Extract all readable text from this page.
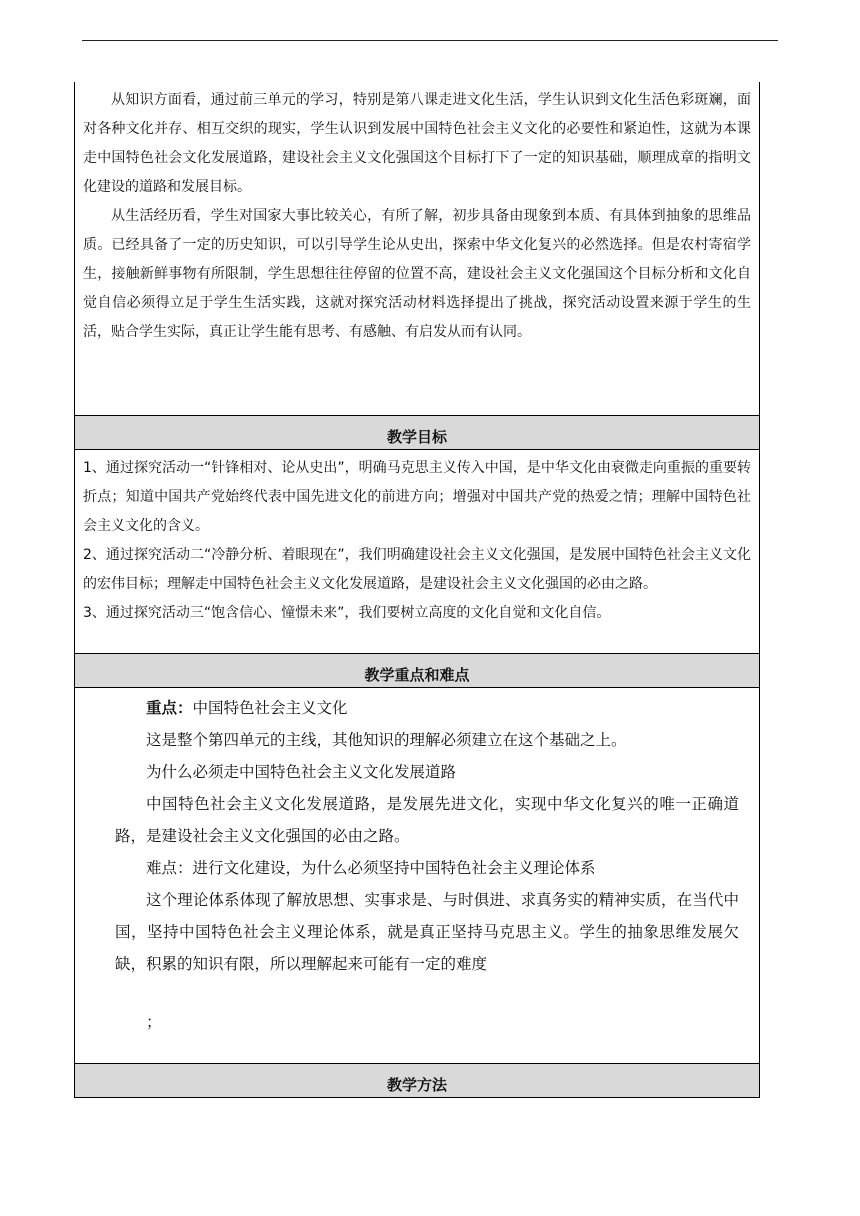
从知识方面看，通过前三单元的学习，特别是第八课走进文化生活，学生认识到文化生活色彩斑斓，面对各种文化并存、相互交织的现实，学生认识到发展中国特色社会主义文化的必要性和紧迫性，这就为本课走中国特色社会文化发展道路，建设社会主义文化强国这个目标打下了一定的知识基础，顺理成章的指明文化建设的道路和发展目标。

从生活经历看，学生对国家大事比较关心，有所了解，初步具备由现象到本质、有具体到抽象的思维品质。已经具备了一定的历史知识，可以引导学生论从史出，探索中华文化复兴的必然选择。但是农村寄宿学生，接触新鲜事物有所限制，学生思想往往停留的位置不高，建设社会主义文化强国这个目标分析和文化自觉自信必须得立足于学生生活实践，这就对探究活动材料选择提出了挑战，探究活动设置来源于学生的生活，贴合学生实际，真正让学生能有思考、有感触、有启发从而有认同。

教学目标

1、通过探究活动一“针锋相对、论从史出”，明确马克思主义传入中国，是中华文化由衰微走向重振的重要转折点；知道中国共产党始终代表中国先进文化的前进方向；增强对中国共产党的热爱之情；理解中国特色社会主义文化的含义。

2、通过探究活动二“冷静分析、着眼现在”，我们明确建设社会主义文化强国，是发展中国特色社会主义文化的宏伟目标；理解走中国特色社会主义文化发展道路，是建设社会主义文化强国的必由之路。

3、通过探究活动三“饱含信心、憧憬未来”，我们要树立高度的文化自觉和文化自信。

教学重点和难点

重点：中国特色社会主义文化

这是整个第四单元的主线，其他知识的理解必须建立在这个基础之上。

为什么必须走中国特色社会主义文化发展道路

中国特色社会主义文化发展道路，是发展先进文化，实现中华文化复兴的唯一正确道路，是建设社会主义文化强国的必由之路。

难点：进行文化建设，为什么必须坚持中国特色社会主义理论体系

这个理论体系体现了解放思想、实事求是、与时俱进、求真务实的精神实质，在当代中国，坚持中国特色社会主义理论体系，就是真正坚持马克思主义。学生的抽象思维发展欠缺，积累的知识有限，所以理解起来可能有一定的难度

；

教学方法
